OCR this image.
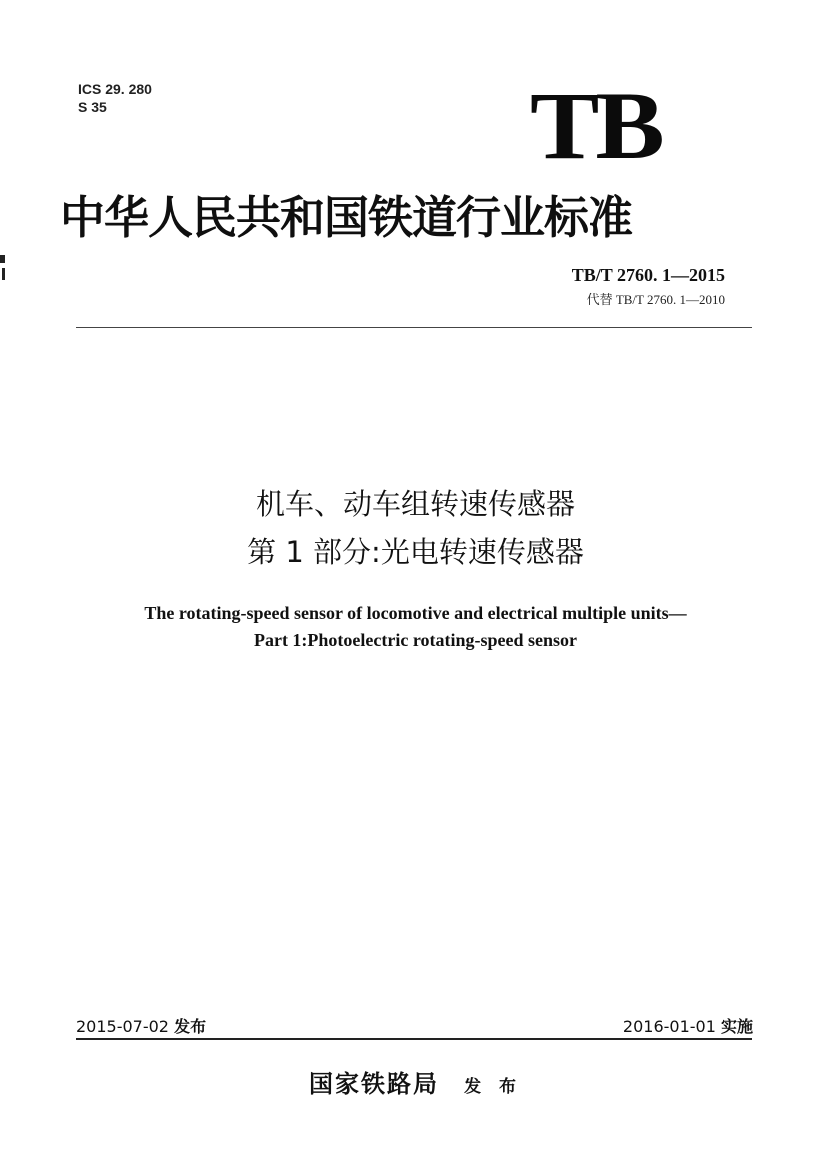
ICS 29. 280
S 35	TB
中华人民共和国铁道行业标准
TB/T 2760. 1—2015
代替 TB/T 2760. 1—2010
机车、动车组转速传感器
第 1 部分:光电转速传感器
The rotating-speed sensor of locomotive and electrical multiple units—
Part 1:Photoelectric rotating-speed sensor
2015-07-02 发布	2016-01-01 实施
国家铁路局 发 布
